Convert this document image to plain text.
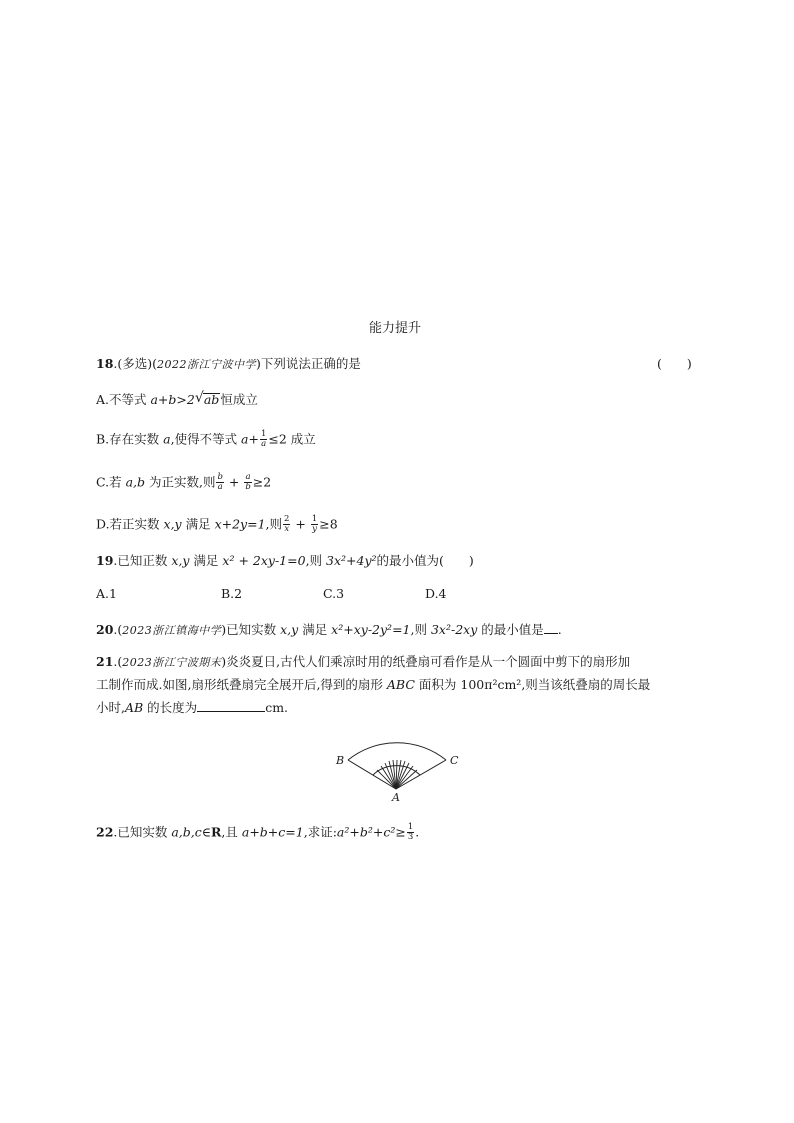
能力提升
18.(多选)(2022浙江宁波中学)下列说法正确的是	(　　)
A.不等式 a+b>2 √ ab恒成立
B.存在实数 a,使得不等式 $a+ \frac{1}{a} \le 2$ 成立
C.若 a,b 为正实数,则 $\frac{b}{a} + \frac{a}{b} \ge 2$
D.若正实数 x,y 满足 x+2y=1,则 $\frac{2}{x} + \frac{1}{y} \ge 8$
19.已知正数 x,y 满足 x² + 2xy-1=0,则 3x²+4y²的最小值为(　　)
A.1	B.2	C.3	D.4
20.(2023浙江镇海中学)已知实数 x,y 满足 x²+xy-2y²=1,则 3x²-2xy 的最小值是 .
21.(2023浙江宁波期末)炎炎夏日,古代人们乘凉时用的纸叠扇可看作是从一个圆面中剪下的扇形加
工制作而成.如图,扇形纸叠扇完全展开后,得到的扇形 ABC 面积为 100π²cm²,则当该纸叠扇的周长最
小时,AB 的长度为	cm.
B	C
A
22.已知实数 a,b,c∈R,且 a+b+c=1,求证:a²+b²+c²≥ $\frac{1}{3}$ .
